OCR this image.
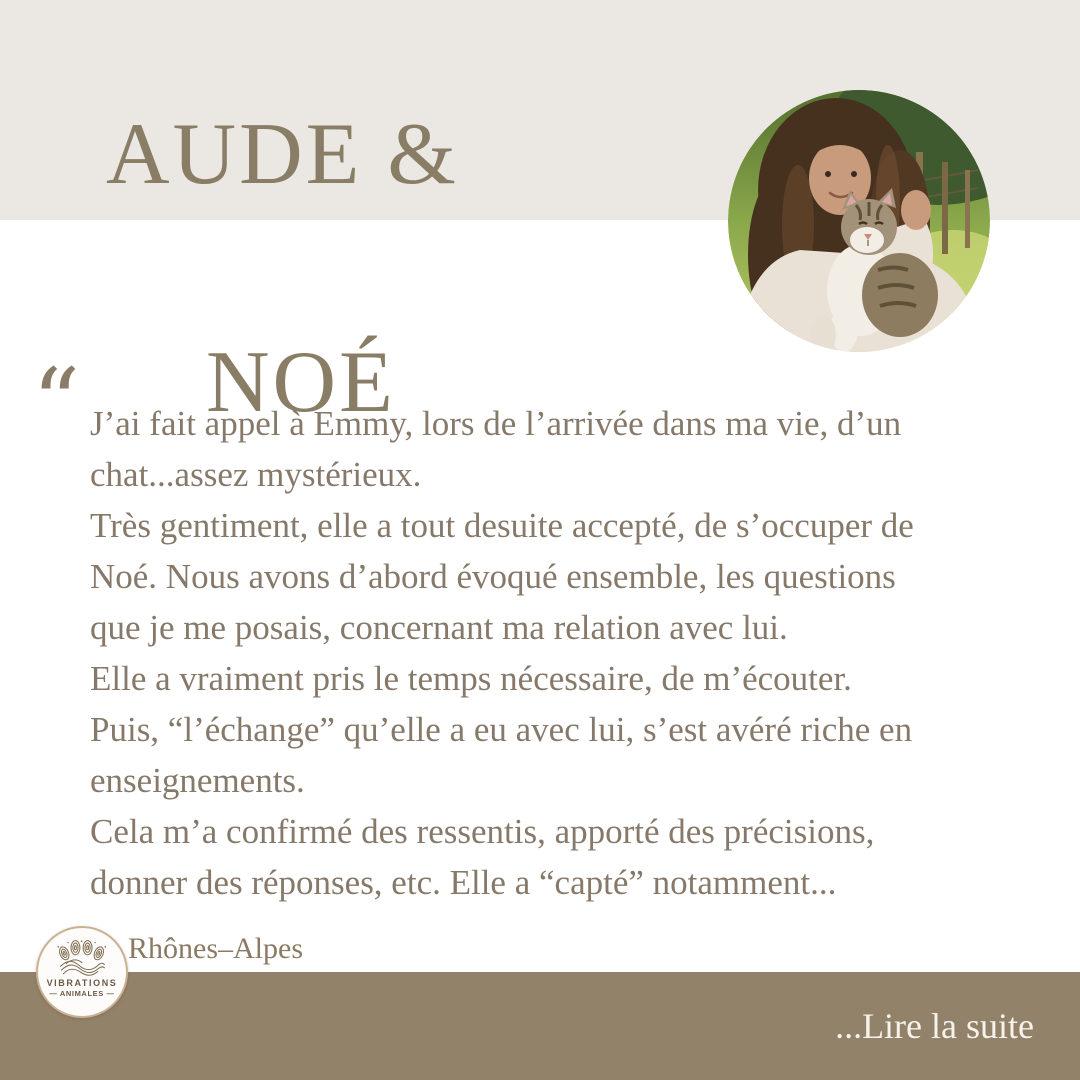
AUDE &

NOÉ

“ J’ai fait appel à Emmy, lors de l’arrivée dans ma vie, d’un
chat...assez mystérieux.
Très gentiment, elle a tout desuite accepté, de s’occuper de
Noé. Nous avons d’abord évoqué ensemble, les questions
que je me posais, concernant ma relation avec lui.
Elle a vraiment pris le temps nécessaire, de m’écouter.
Puis, “l’échange” qu’elle a eu avec lui, s’est avéré riche en
enseignements.
Cela m’a confirmé des ressentis, apporté des précisions,
donner des réponses, etc. Elle a “capté” notamment...
VIBRATIONS
— ANIMALES —
Rhônes–Alpes
...Lire la suite
